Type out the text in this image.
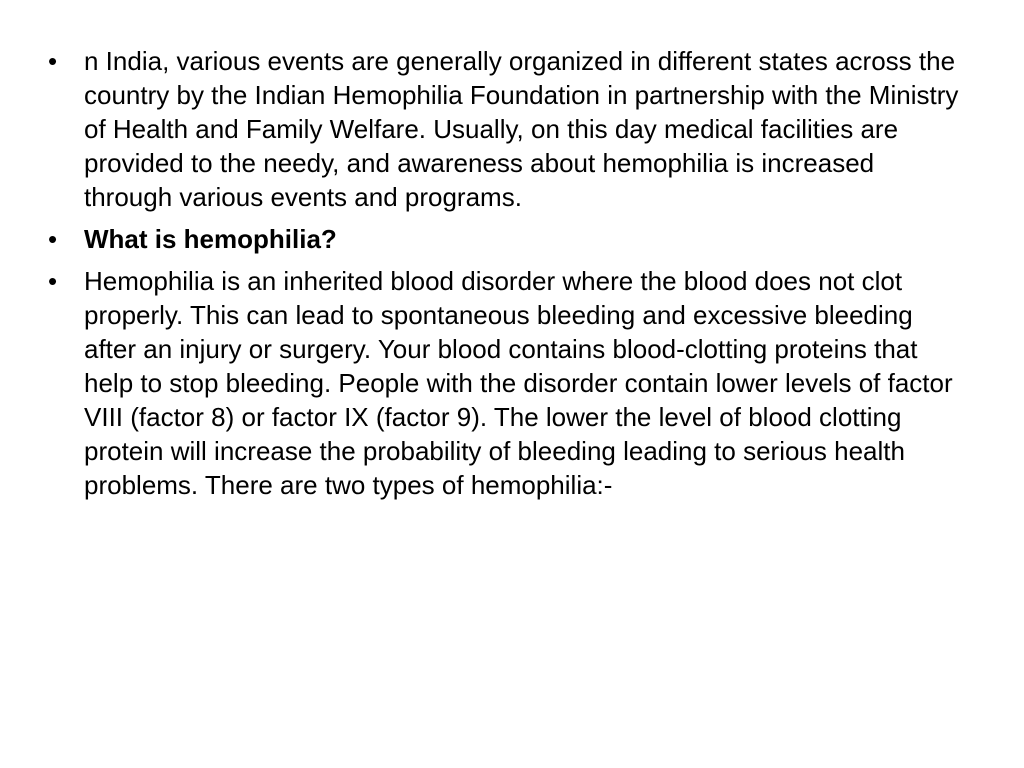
•	n India, various events are generally organized in different states across the country by the Indian Hemophilia Foundation in partnership with the Ministry of Health and Family Welfare. Usually, on this day medical facilities are provided to the needy, and awareness about hemophilia is increased through various events and programs.
•	What is hemophilia?
•	Hemophilia is an inherited blood disorder where the blood does not clot properly. This can lead to spontaneous bleeding and excessive bleeding after an injury or surgery. Your blood contains blood-clotting proteins that help to stop bleeding. People with the disorder contain lower levels of factor VIII (factor 8) or factor IX (factor 9). The lower the level of blood clotting protein will increase the probability of bleeding leading to serious health problems. There are two types of hemophilia:-
